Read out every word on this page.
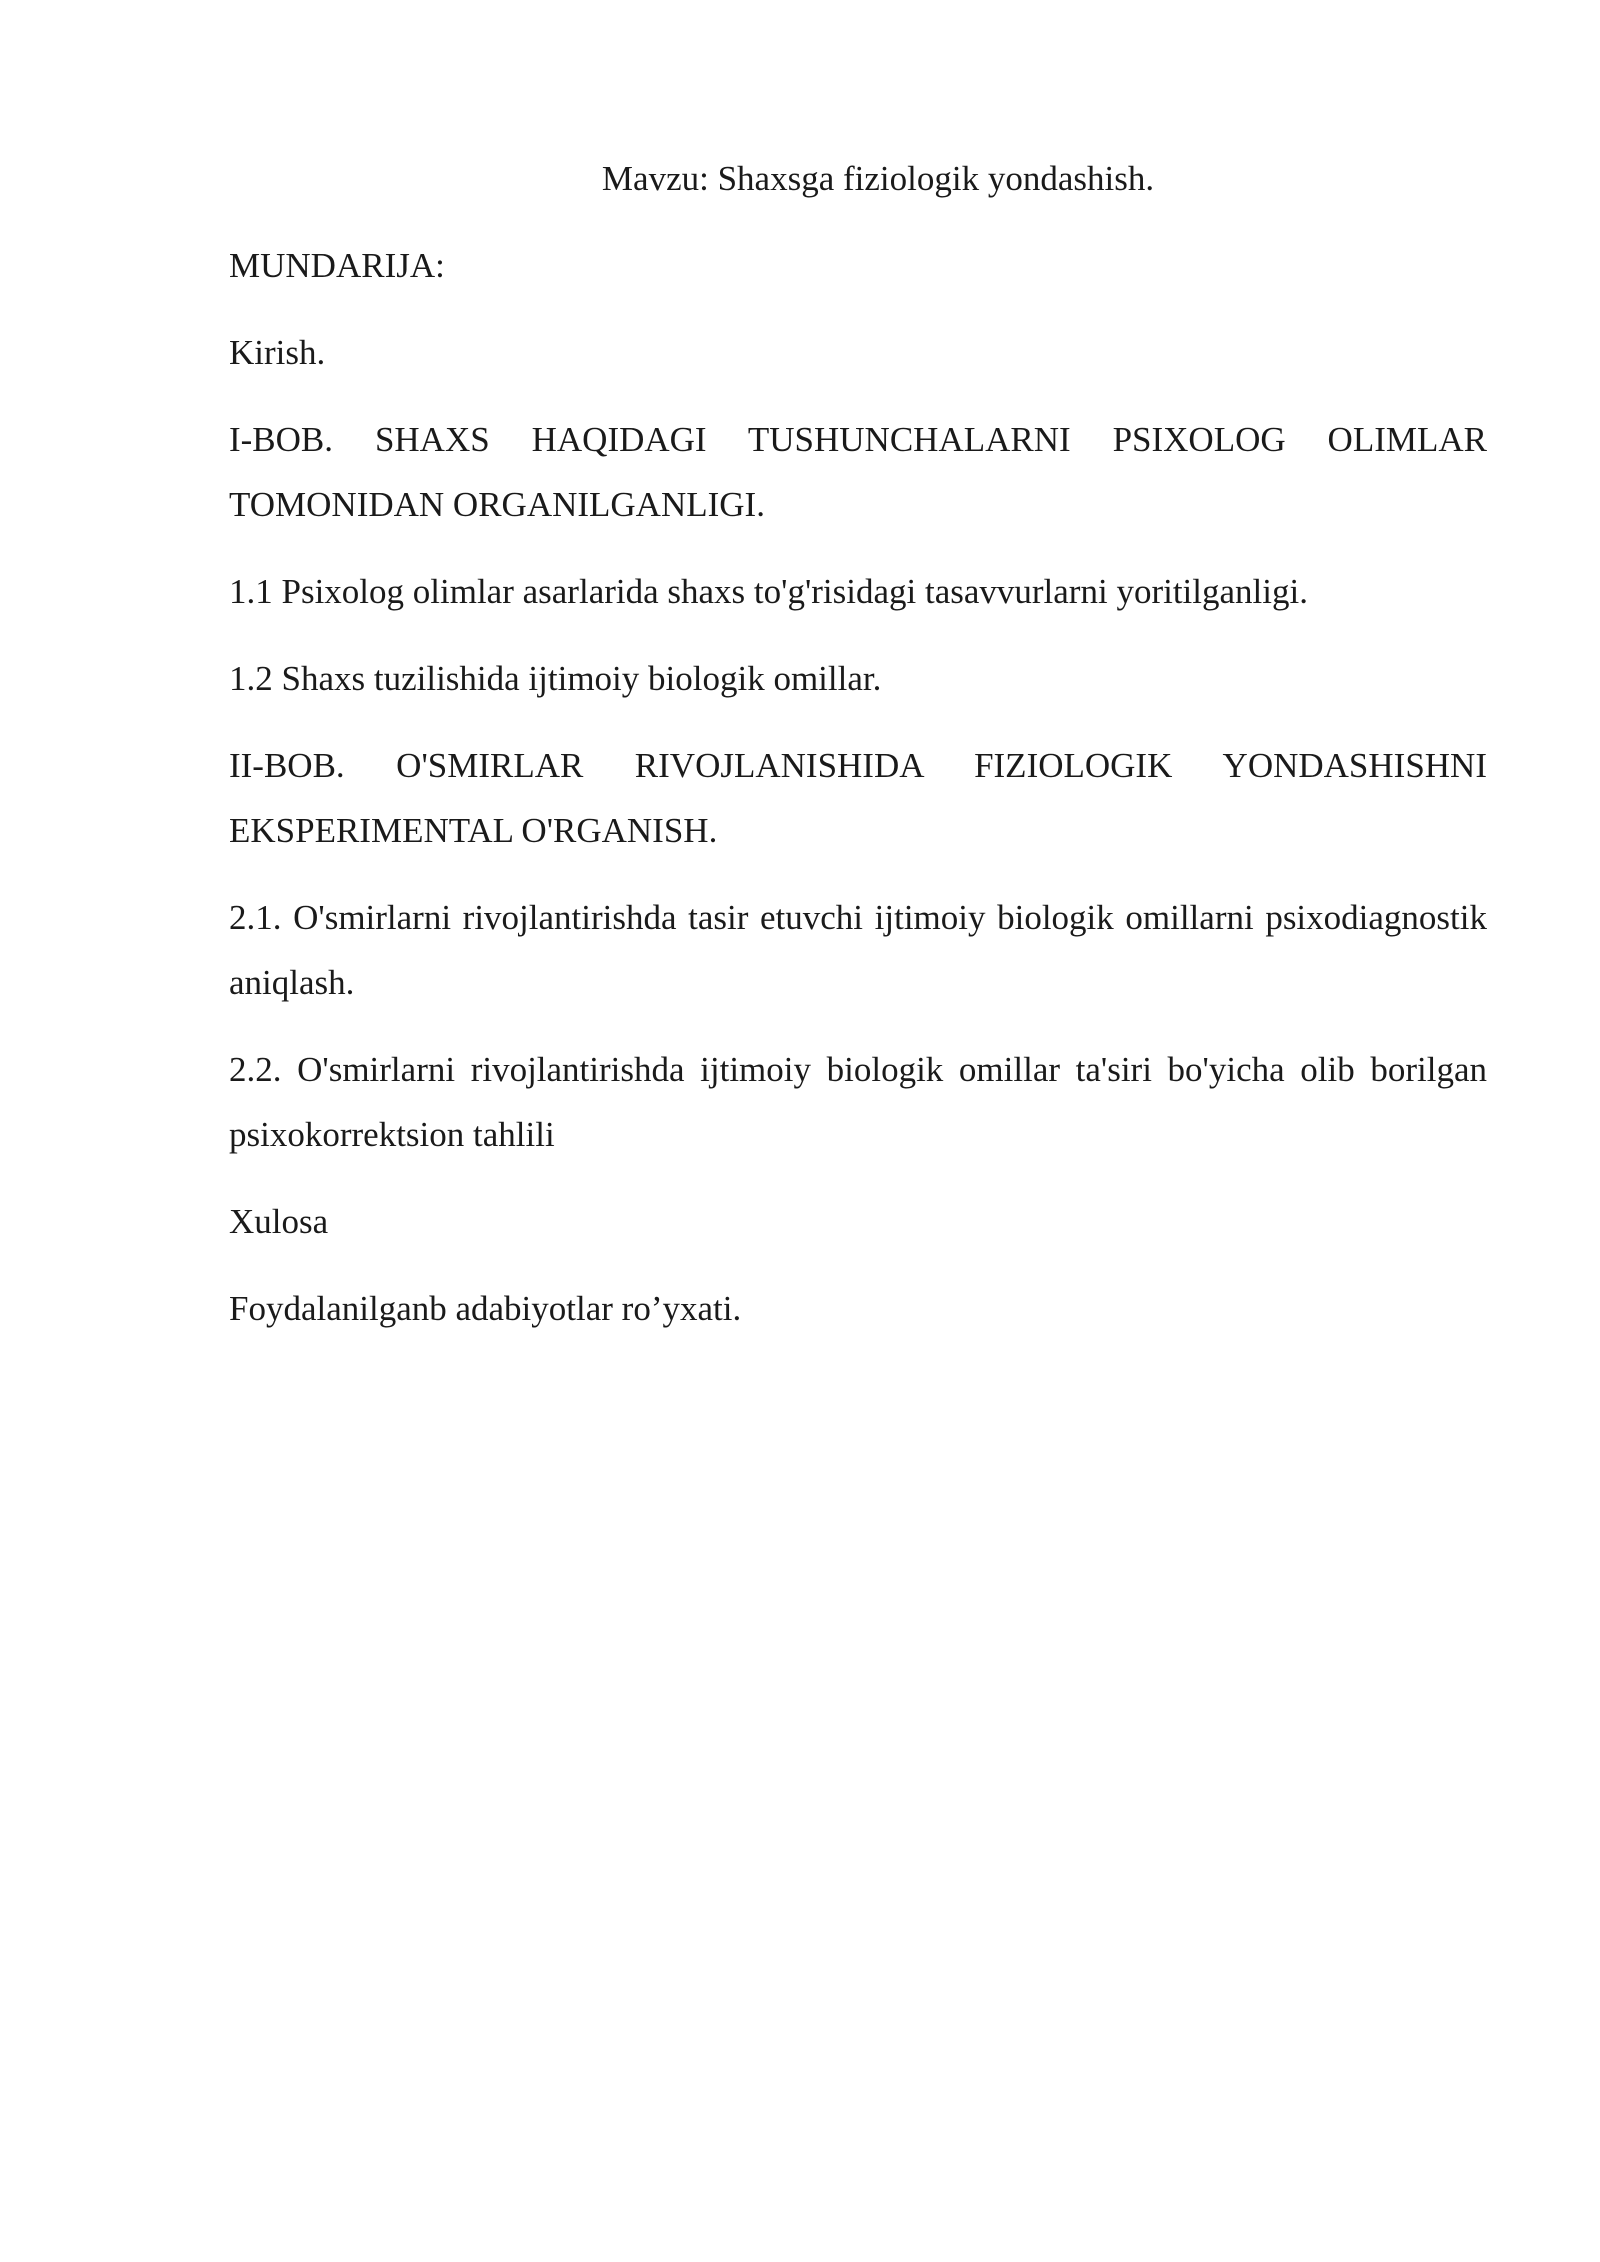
Mavzu: Shaxsga fiziologik yondashish.
MUNDARIJA:
Kirish.
I-BOB. SHAXS HAQIDAGI TUSHUNCHALARNI PSIXOLOG OLIMLAR TOMONIDAN ORGANILGANLIGI.
1.1 Psixolog olimlar asarlarida shaxs to'g'risidagi tasavvurlarni yoritilganligi.
1.2 Shaxs tuzilishida ijtimoiy biologik omillar.
II-BOB. O'SMIRLAR RIVOJLANISHIDA FIZIOLOGIK YONDASHISHNI EKSPERIMENTAL O'RGANISH.
2.1. O'smirlarni rivojlantirishda tasir etuvchi ijtimoiy biologik omillarni psixodiagnostik aniqlash.
2.2. O'smirlarni rivojlantirishda ijtimoiy biologik omillar ta'siri bo'yicha olib borilgan psixokorrektsion tahlili
Xulosa
Foydalanilganb adabiyotlar ro’yxati.
